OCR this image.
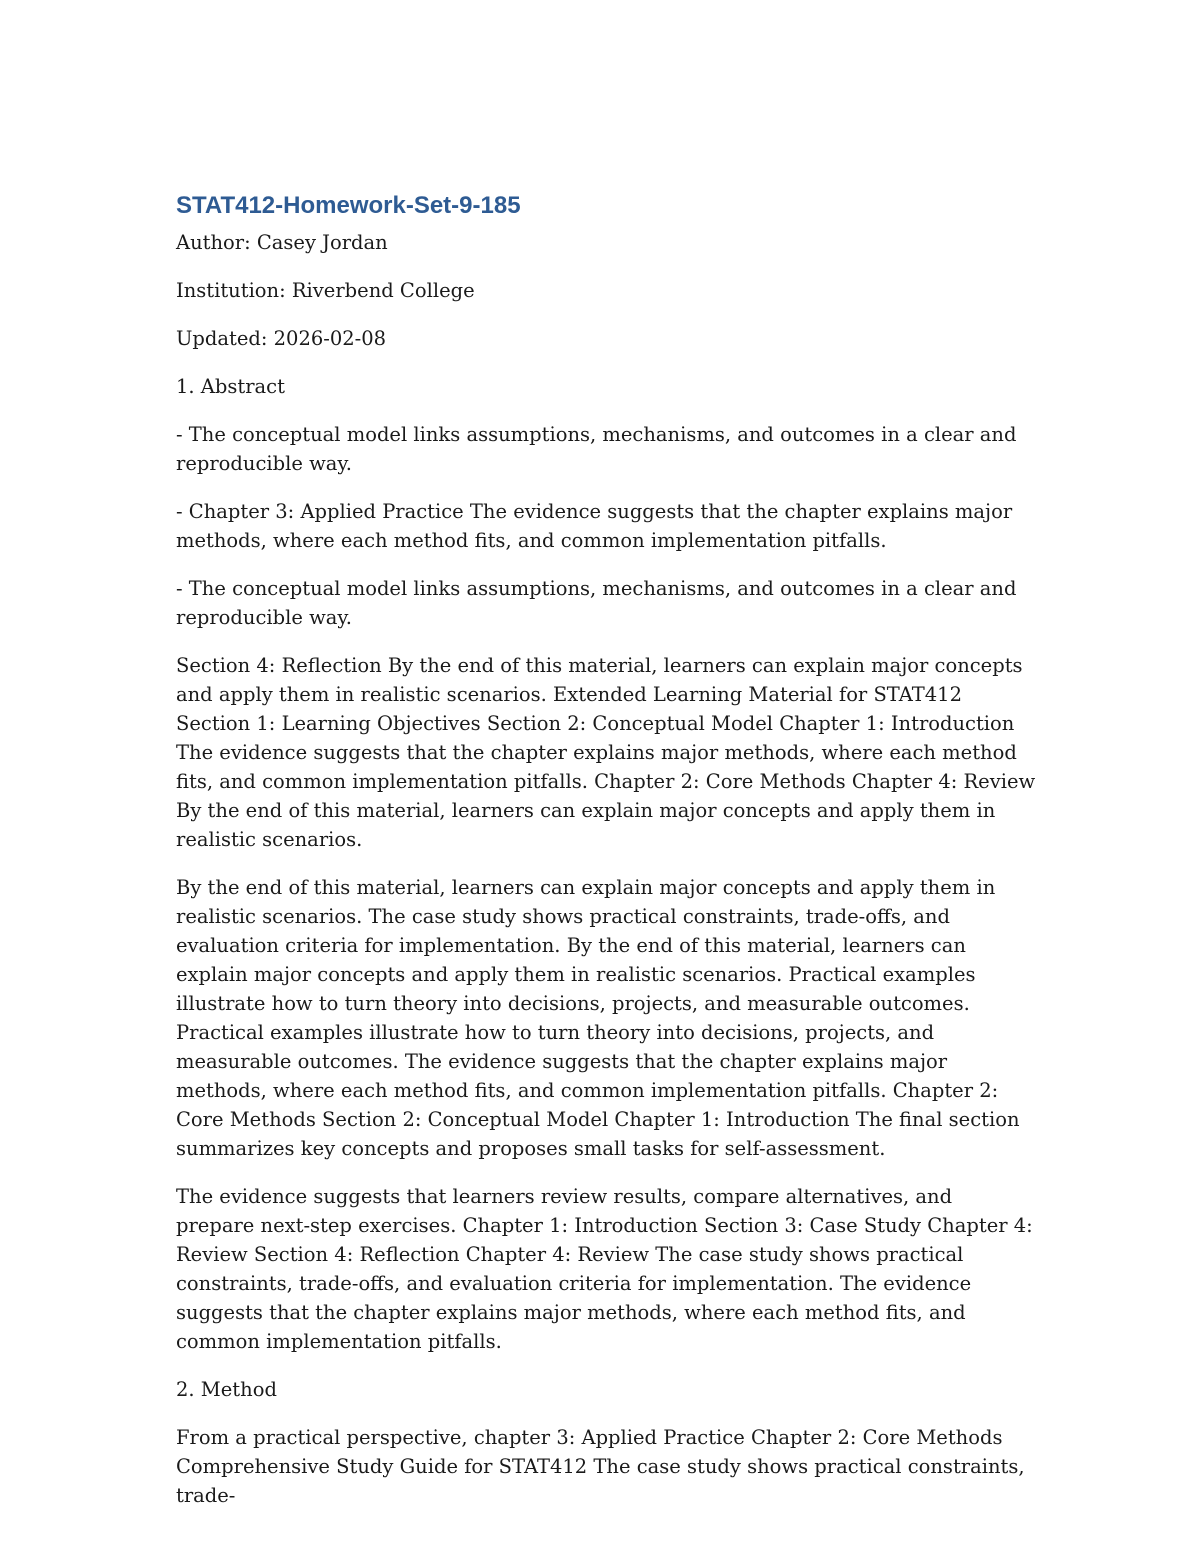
STAT412-Homework-Set-9-185

Author: Casey Jordan

Institution: Riverbend College

Updated: 2026-02-08

1. Abstract

- The conceptual model links assumptions, mechanisms, and outcomes in a clear and reproducible way.

- Chapter 3: Applied Practice The evidence suggests that the chapter explains major methods, where each method fits, and common implementation pitfalls.

- The conceptual model links assumptions, mechanisms, and outcomes in a clear and reproducible way.

Section 4: Reflection By the end of this material, learners can explain major concepts and apply them in realistic scenarios. Extended Learning Material for STAT412 Section 1: Learning Objectives Section 2: Conceptual Model Chapter 1: Introduction The evidence suggests that the chapter explains major methods, where each method fits, and common implementation pitfalls. Chapter 2: Core Methods Chapter 4: Review By the end of this material, learners can explain major concepts and apply them in realistic scenarios.

By the end of this material, learners can explain major concepts and apply them in realistic scenarios. The case study shows practical constraints, trade-offs, and evaluation criteria for implementation. By the end of this material, learners can explain major concepts and apply them in realistic scenarios. Practical examples illustrate how to turn theory into decisions, projects, and measurable outcomes. Practical examples illustrate how to turn theory into decisions, projects, and measurable outcomes. The evidence suggests that the chapter explains major methods, where each method fits, and common implementation pitfalls. Chapter 2: Core Methods Section 2: Conceptual Model Chapter 1: Introduction The final section summarizes key concepts and proposes small tasks for self-assessment.

The evidence suggests that learners review results, compare alternatives, and prepare next-step exercises. Chapter 1: Introduction Section 3: Case Study Chapter 4: Review Section 4: Reflection Chapter 4: Review The case study shows practical constraints, trade-offs, and evaluation criteria for implementation. The evidence suggests that the chapter explains major methods, where each method fits, and common implementation pitfalls.

2. Method

From a practical perspective, chapter 3: Applied Practice Chapter 2: Core Methods Comprehensive Study Guide for STAT412 The case study shows practical constraints, trade-
